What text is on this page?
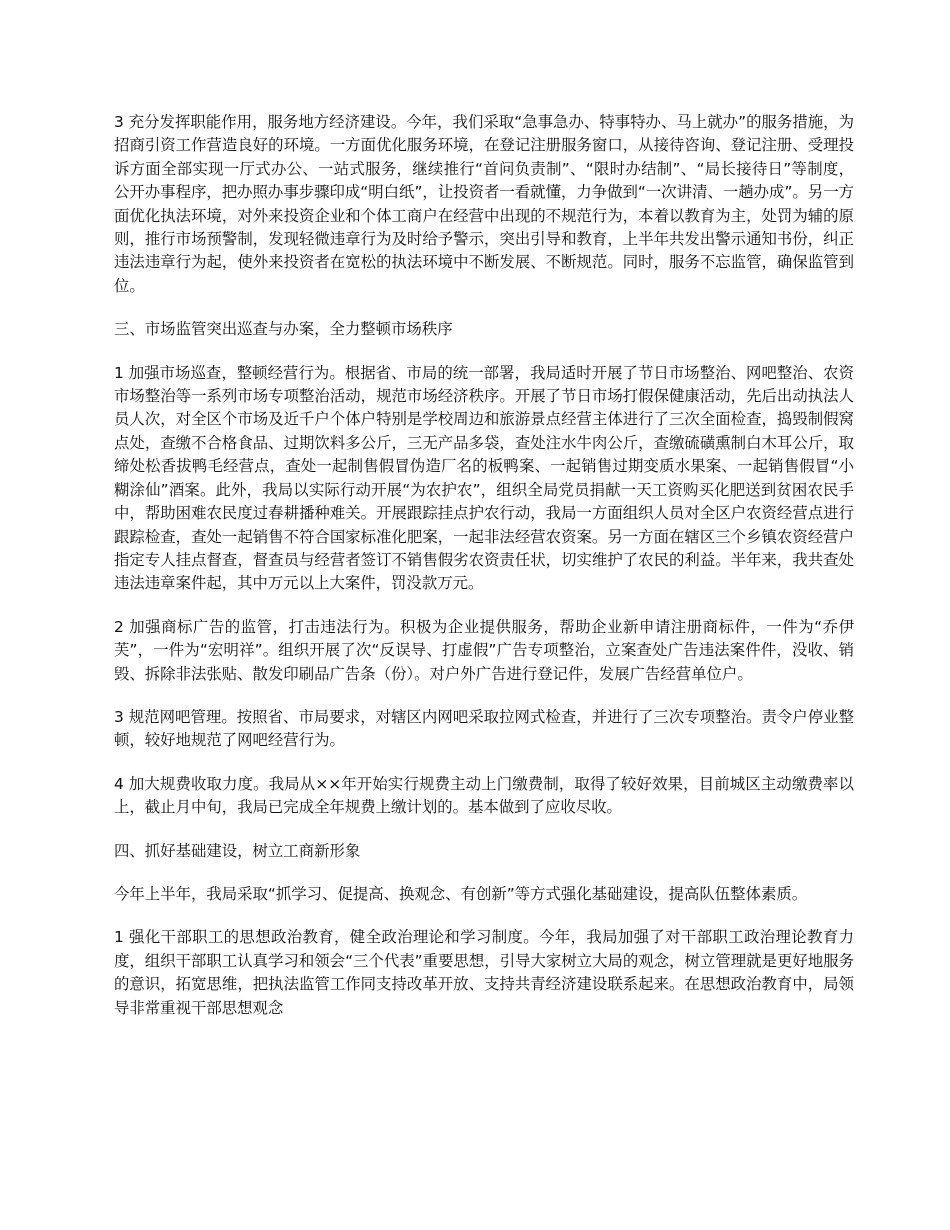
3 充分发挥职能作用，服务地方经济建设。今年，我们采取“急事急办、特事特办、马上就办”的服务措施，为招商引资工作营造良好的环境。一方面优化服务环境，在登记注册服务窗口，从接待咨询、登记注册、受理投诉方面全部实现一厅式办公、一站式服务，继续推行“首问负责制”、“限时办结制”、“局长接待日”等制度，公开办事程序，把办照办事步骤印成“明白纸”，让投资者一看就懂，力争做到“一次讲清、一趟办成”。另一方面优化执法环境，对外来投资企业和个体工商户在经营中出现的不规范行为，本着以教育为主，处罚为辅的原则，推行市场预警制，发现轻微违章行为及时给予警示，突出引导和教育，上半年共发出警示通知书份，纠正违法违章行为起，使外来投资者在宽松的执法环境中不断发展、不断规范。同时，服务不忘监管，确保监管到位。

三、市场监管突出巡查与办案，全力整顿市场秩序

1 加强市场巡查，整顿经营行为。根据省、市局的统一部署，我局适时开展了节日市场整治、网吧整治、农资市场整治等一系列市场专项整治活动，规范市场经济秩序。开展了节日市场打假保健康活动，先后出动执法人员人次，对全区个市场及近千户个体户特别是学校周边和旅游景点经营主体进行了三次全面检查，捣毁制假窝点处，查缴不合格食品、过期饮料多公斤，三无产品多袋，查处注水牛肉公斤，查缴硫磺熏制白木耳公斤，取缔处松香拔鸭毛经营点，查处一起制售假冒伪造厂名的板鸭案、一起销售过期变质水果案、一起销售假冒“小糊涂仙”酒案。此外，我局以实际行动开展“为农护农”，组织全局党员捐献一天工资购买化肥送到贫困农民手中，帮助困难农民度过春耕播种难关。开展跟踪挂点护农行动，我局一方面组织人员对全区户农资经营点进行跟踪检查，查处一起销售不符合国家标准化肥案，一起非法经营农资案。另一方面在辖区三个乡镇农资经营户指定专人挂点督查，督查员与经营者签订不销售假劣农资责任状，切实维护了农民的利益。半年来，我共查处违法违章案件起，其中万元以上大案件，罚没款万元。

2 加强商标广告的监管，打击违法行为。积极为企业提供服务，帮助企业新申请注册商标件，一件为“乔伊芙”，一件为“宏明祥”。组织开展了次“反误导、打虚假”广告专项整治，立案查处广告违法案件件，没收、销毁、拆除非法张贴、散发印刷品广告条（份）。对户外广告进行登记件，发展广告经营单位户。

3 规范网吧管理。按照省、市局要求，对辖区内网吧采取拉网式检查，并进行了三次专项整治。责令户停业整顿，较好地规范了网吧经营行为。

4 加大规费收取力度。我局从××年开始实行规费主动上门缴费制，取得了较好效果，目前城区主动缴费率以上，截止月中旬，我局已完成全年规费上缴计划的。基本做到了应收尽收。

四、抓好基础建设，树立工商新形象

今年上半年，我局采取“抓学习、促提高、换观念、有创新”等方式强化基础建设，提高队伍整体素质。

1 强化干部职工的思想政治教育，健全政治理论和学习制度。今年，我局加强了对干部职工政治理论教育力度，组织干部职工认真学习和领会“三个代表”重要思想，引导大家树立大局的观念，树立管理就是更好地服务的意识，拓宽思维，把执法监管工作同支持改革开放、支持共青经济建设联系起来。在思想政治教育中，局领导非常重视干部思想观念
